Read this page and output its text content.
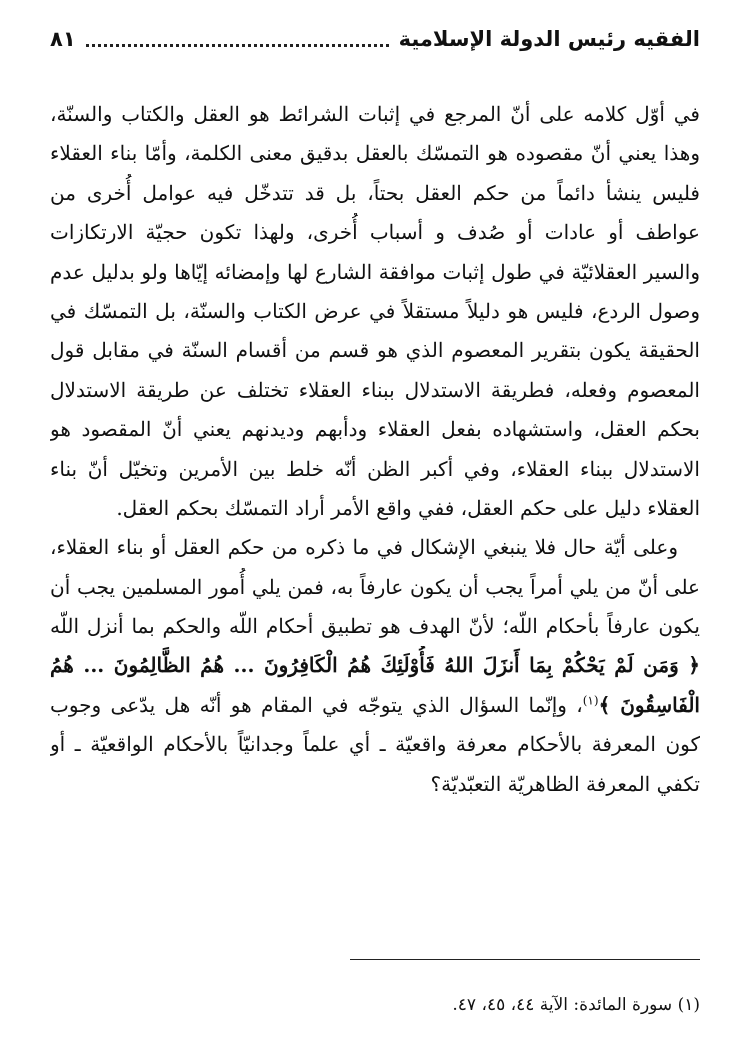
الفقيه رئيس الدولة الإسلامية
٨١
في أوّل كلامه على أنّ المرجع في إثبات الشرائط هو العقل والكتاب والسنّة،
وهذا يعني أنّ مقصوده هو التمسّك بالعقل بدقيق معنى الكلمة، وأمّا بناء العقلاء
فليس ينشأ دائماً من حكم العقل بحتاً، بل قد تتدخّل فيه عوامل أُخرى من
عواطف أو عادات أو صُدف و أسباب أُخرى، ولهذا تكون حجيّة الارتكازات
والسير العقلائيّة في طول إثبات موافقة الشارع لها وإمضائه إيّاها ولو بدليل عدم
وصول الردع، فليس هو دليلاً مستقلاً في عرض الكتاب والسنّة، بل التمسّك في
الحقيقة يكون بتقرير المعصوم الذي هو قسم من أقسام السنّة في مقابل قول
المعصوم وفعله، فطريقة الاستدلال ببناء العقلاء تختلف عن طريقة الاستدلال
بحكم العقل، واستشهاده بفعل العقلاء ودأبهم وديدنهم يعني أنّ المقصود هو
الاستدلال ببناء العقلاء، وفي أكبر الظن أنّه خلط بين الأمرين وتخيّل أنّ بناء
العقلاء دليل على حكم العقل، ففي واقع الأمر أراد التمسّك بحكم العقل.
وعلى أيّة حال فلا ينبغي الإشكال في ما ذكره من حكم العقل أو بناء العقلاء،
على أنّ من يلي أمراً يجب أن يكون عارفاً به، فمن يلي أُمور المسلمين يجب أن
يكون عارفاً بأحكام اللّه؛ لأنّ الهدف هو تطبيق أحكام اللّه والحكم بما أنزل اللّه
﴿ وَمَن لَمْ يَحْكُمْ بِمَا أَنزَلَ اللهُ فَأُوْلَئِكَ هُمُ الْكَافِرُونَ ... هُمُ الظَّالِمُونَ ... هُمُ
الْفَاسِقُونَ ﴾$^{(١)}$، وإنّما السؤال الذي يتوجّه في المقام هو أنّه هل يدّعى وجوب
كون المعرفة بالأحكام معرفة واقعيّة ـ أي علماً وجدانيّاً بالأحكام الواقعيّة ـ أو
تكفي المعرفة الظاهريّة التعبّديّة؟
(١) سورة المائدة: الآية ٤٤، ٤٥، ٤٧.
